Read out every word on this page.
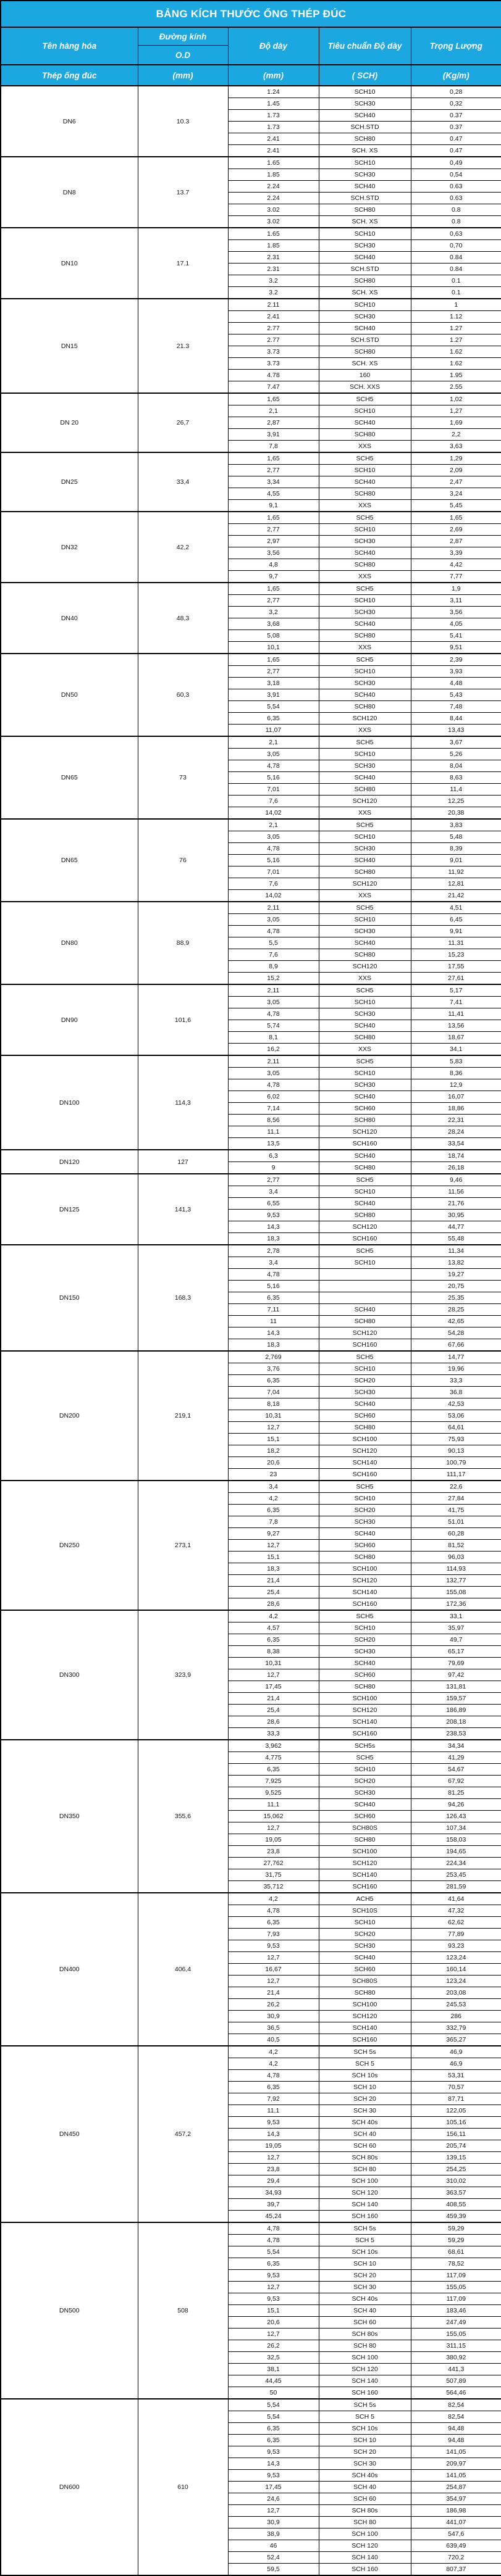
BẢNG KÍCH THƯỚC ỐNG THÉP ĐÚC				
Tên hàng hóa	Đường kính	Độ dày	Tiêu chuẩn Độ dày	Trọng Lượng
	O.D			
Thép ống đúc	(mm)	(mm)	( SCH)	(Kg/m)
DN6	10.3	1.24	SCH10	0,28
		1.45	SCH30	0,32
		1.73	SCH40	0.37
		1.73	SCH.STD	0.37
		2.41	SCH80	0.47
		2.41	SCH. XS	0.47
DN8	13.7	1.65	SCH10	0,49
		1.85	SCH30	0,54
		2.24	SCH40	0.63
		2.24	SCH.STD	0.63
		3.02	SCH80	0.8
		3.02	SCH. XS	0.8
DN10	17.1	1.65	SCH10	0,63
		1.85	SCH30	0,70
		2.31	SCH40	0.84
		2.31	SCH.STD	0.84
		3.2	SCH80	0.1
		3.2	SCH. XS	0.1
DN15	21.3	2.11	SCH10	1
		2.41	SCH30	1.12
		2.77	SCH40	1.27
		2.77	SCH.STD	1.27
		3.73	SCH80	1.62
		3.73	SCH. XS	1.62
		4.78	160	1.95
		7.47	SCH. XXS	2.55
DN 20	26,7	1,65	SCH5	1,02
		2,1	SCH10	1,27
		2,87	SCH40	1,69
		3,91	SCH80	2,2
		7,8	XXS	3,63
DN25	33,4	1,65	SCH5	1,29
		2,77	SCH10	2,09
		3,34	SCH40	2,47
		4,55	SCH80	3,24
		9,1	XXS	5,45
DN32	42,2	1,65	SCH5	1,65
		2,77	SCH10	2,69
		2,97	SCH30	2,87
		3,56	SCH40	3,39
		4,8	SCH80	4,42
		9,7	XXS	7,77
DN40	48,3	1,65	SCH5	1,9
		2,77	SCH10	3,11
		3,2	SCH30	3,56
		3,68	SCH40	4,05
		5,08	SCH80	5,41
		10,1	XXS	9,51
DN50	60,3	1,65	SCH5	2,39
		2,77	SCH10	3,93
		3,18	SCH30	4,48
		3,91	SCH40	5,43
		5,54	SCH80	7,48
		6,35	SCH120	8,44
		11,07	XXS	13,43
DN65	73	2,1	SCH5	3,67
		3,05	SCH10	5,26
		4,78	SCH30	8,04
		5,16	SCH40	8,63
		7,01	SCH80	11,4
		7,6	SCH120	12,25
		14,02	XXS	20,38
DN65	76	2,1	SCH5	3,83
		3,05	SCH10	5,48
		4,78	SCH30	8,39
		5,16	SCH40	9,01
		7,01	SCH80	11,92
		7,6	SCH120	12,81
		14,02	XXS	21,42
DN80	88,9	2,11	SCH5	4,51
		3,05	SCH10	6,45
		4,78	SCH30	9,91
		5,5	SCH40	11,31
		7,6	SCH80	15,23
		8,9	SCH120	17,55
		15,2	XXS	27,61
DN90	101,6	2,11	SCH5	5,17
		3,05	SCH10	7,41
		4,78	SCH30	11,41
		5,74	SCH40	13,56
		8,1	SCH80	18,67
		16,2	XXS	34,1
DN100	114,3	2,11	SCH5	5,83
		3,05	SCH10	8,36
		4,78	SCH30	12,9
		6,02	SCH40	16,07
		7,14	SCH60	18,86
		8,56	SCH80	22,31
		11,1	SCH120	28,24
		13,5	SCH160	33,54
DN120	127	6,3	SCH40	18,74
		9	SCH80	26,18
DN125	141,3	2,77	SCH5	9,46
		3,4	SCH10	11,56
		6,55	SCH40	21,76
		9,53	SCH80	30,95
		14,3	SCH120	44,77
		18,3	SCH160	55,48
DN150	168,3	2,78	SCH5	11,34
		3,4	SCH10	13,82
		4,78		19,27
		5,16		20,75
		6,35		25,35
		7,11	SCH40	28,25
		11	SCH80	42,65
		14,3	SCH120	54,28
		18,3	SCH160	67,66
DN200	219,1	2,769	SCH5	14,77
		3,76	SCH10	19,96
		6,35	SCH20	33,3
		7,04	SCH30	36,8
		8,18	SCH40	42,53
		10,31	SCH60	53,06
		12,7	SCH80	64,61
		15,1	SCH100	75,93
		18,2	SCH120	90,13
		20,6	SCH140	100,79
		23	SCH160	111,17
DN250	273,1	3,4	SCH5	22,6
		4,2	SCH10	27,84
		6,35	SCH20	41,75
		7,8	SCH30	51,01
		9,27	SCH40	60,28
		12,7	SCH60	81,52
		15,1	SCH80	96,03
		18,3	SCH100	114,93
		21,4	SCH120	132,77
		25,4	SCH140	155,08
		28,6	SCH160	172,36
DN300	323,9	4,2	SCH5	33,1
		4,57	SCH10	35,97
		6,35	SCH20	49,7
		8,38	SCH30	65,17
		10,31	SCH40	79,69
		12,7	SCH60	97,42
		17,45	SCH80	131,81
		21,4	SCH100	159,57
		25,4	SCH120	186,89
		28,6	SCH140	208,18
		33,3	SCH160	238,53
DN350	355,6	3,962	SCH5s	34,34
		4,775	SCH5	41,29
		6,35	SCH10	54,67
		7,925	SCH20	67,92
		9,525	SCH30	81,25
		11,1	SCH40	94,26
		15,062	SCH60	126,43
		12,7	SCH80S	107,34
		19,05	SCH80	158,03
		23,8	SCH100	194,65
		27,762	SCH120	224,34
		31,75	SCH140	253,45
		35,712	SCH160	281,59
DN400	406,4	4,2	ACH5	41,64
		4,78	SCH10S	47,32
		6,35	SCH10	62,62
		7,93	SCH20	77,89
		9,53	SCH30	93,23
		12,7	SCH40	123,24
		16,67	SCH60	160,14
		12,7	SCH80S	123,24
		21,4	SCH80	203,08
		26,2	SCH100	245,53
		30,9	SCH120	286
		36,5	SCH140	332,79
		40,5	SCH160	365,27
DN450	457,2	4,2	SCH 5s	46,9
		4,2	SCH 5	46,9
		4,78	SCH 10s	53,31
		6,35	SCH 10	70,57
		7,92	SCH 20	87,71
		11,1	SCH 30	122,05
		9,53	SCH 40s	105,16
		14,3	SCH 40	156,11
		19,05	SCH 60	205,74
		12,7	SCH 80s	139,15
		23,8	SCH 80	254,25
		29,4	SCH 100	310,02
		34,93	SCH 120	363,57
		39,7	SCH 140	408,55
		45,24	SCH 160	459,39
DN500	508	4,78	SCH 5s	59,29
		4,78	SCH 5	59,29
		5,54	SCH 10s	68,61
		6,35	SCH 10	78,52
		9,53	SCH 20	117,09
		12,7	SCH 30	155,05
		9,53	SCH 40s	117,09
		15,1	SCH 40	183,46
		20,6	SCH 60	247,49
		12,7	SCH 80s	155,05
		26,2	SCH 80	311,15
		32,5	SCH 100	380,92
		38,1	SCH 120	441,3
		44,45	SCH 140	507,89
		50	SCH 160	564,46
DN600	610	5,54	SCH 5s	82,54
		5,54	SCH 5	82,54
		6,35	SCH 10s	94,48
		6,35	SCH 10	94,48
		9,53	SCH 20	141,05
		14,3	SCH 30	209,97
		9,53	SCH 40s	141,05
		17,45	SCH 40	254,87
		24,6	SCH 60	354,97
		12,7	SCH 80s	186,98
		30,9	SCH 80	441,07
		38,9	SCH 100	547,6
		46	SCH 120	639,49
		52,4	SCH 140	720,2
		59,5	SCH 160	807,37
